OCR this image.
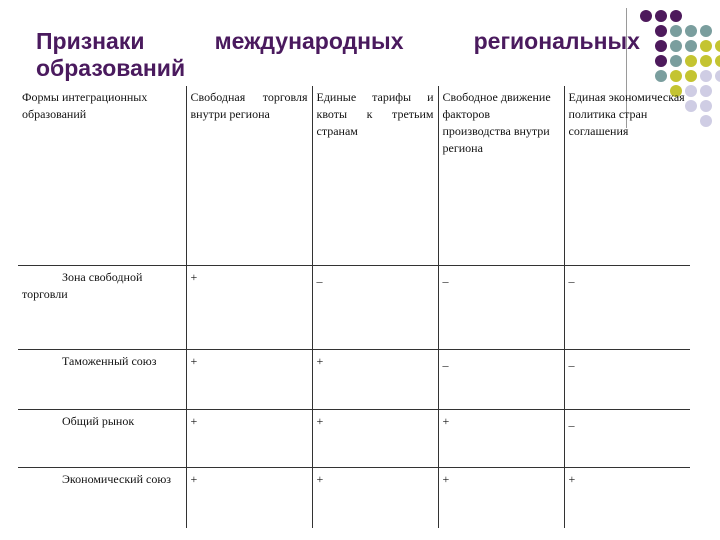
Признаки	международных	региональных
образований
Формы интеграционных образований	Свободная торговля внутри региона	Единые тарифы и квоты к третьим странам	Свободное движение факторов производства внутри региона	Единая экономическая политика стран соглашения
Зона свободной торговли	+	_	_	_
Таможенный союз	+	+	_	_
Общий рынок	+	+	+	_
Экономический союз	+	+	+	+
